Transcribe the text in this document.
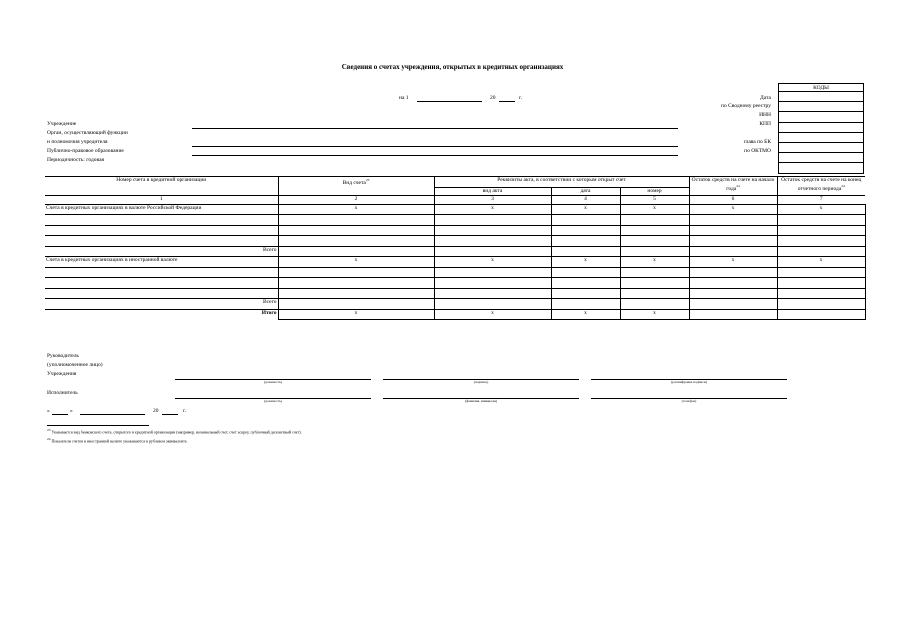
Сведения о счетах учреждения, открытых в кредитных организациях
на 1	20	г.	Дата
по Сводному реестру
ИНН
КПП
глава по БК
по ОКТМО
КОДЫ

Учреждение
Орган, осуществляющий функции
и полномочия учредителя
Публично-правовое образование
Периодичность: годовая
Номер счета в кредитной организации	Вид счета$^{23}$	Реквизиты акта, в соответствии с которым открыт счет			Остаток средств на счете на начало года$^{24}$	Остаток средств на счете на конец отчетного периода$^{24}$
		вид акта	дата	номер		
1	2	3	4	5	6	7
Счета в кредитных организациях в валюте Российской Федерации	x	x	x	x	x	x

Всего						
Счета в кредитных организациях в иностранной валюте	x	x	x	x	x	x

Всего						
Итого	x	x	x	x		
Руководитель
(уполномоченное лицо)
Учреждения
(должность)	(подпись)	(расшифровка подписи)
Исполнитель
(должность)	(фамилия, инициалы)	(телефон)
«	»	20	г.
$^{23}$ Указывается вид банковского счета, открытого в кредитной организации (например, номинальный счет, счет эскроу, публичный депозитный счет).
$^{24}$ Показатели счетов в иностранной валюте указываются в рублевом эквиваленте.
